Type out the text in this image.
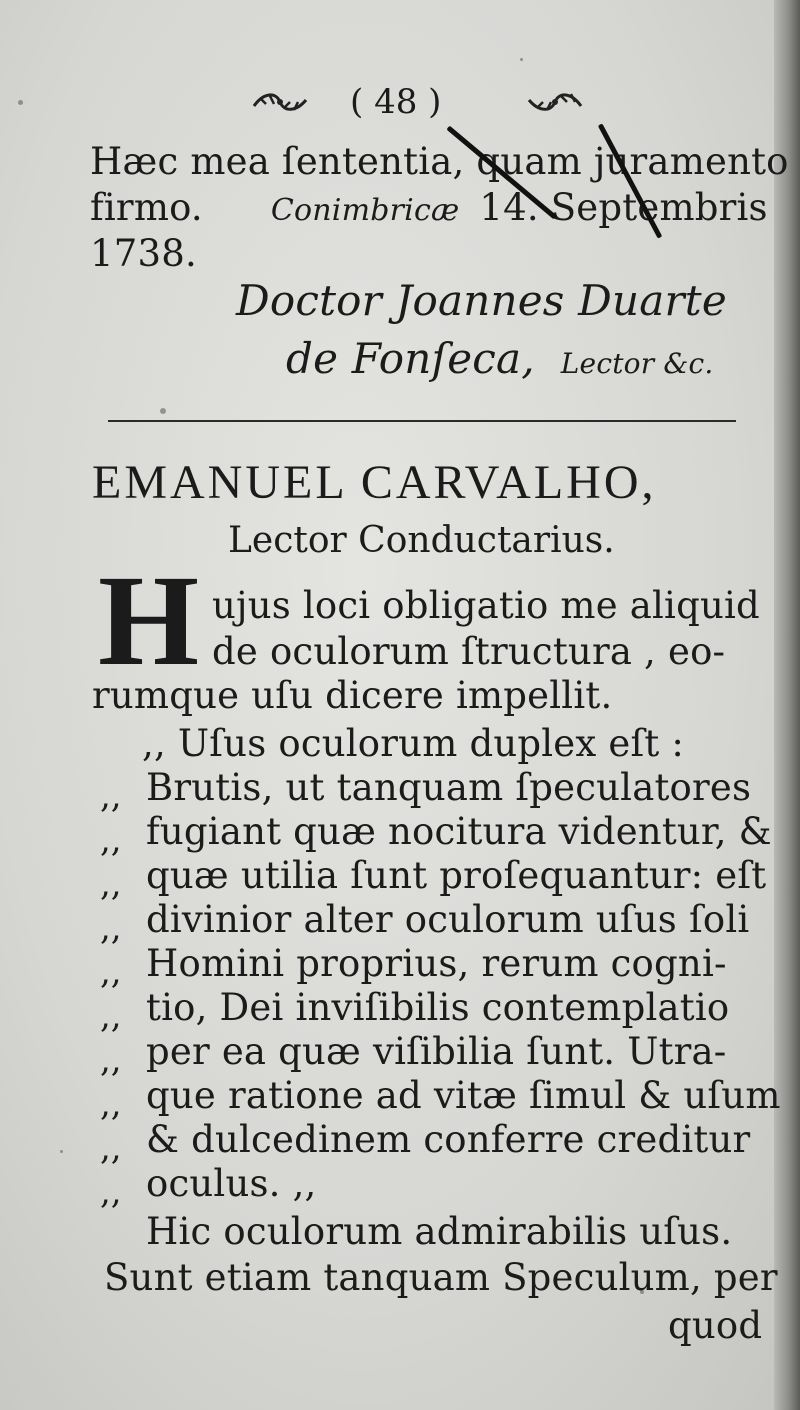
( 48 )
Hæc mea ſententia, quam juramento
firmo. Conimbricæ 14. Septembris
1738.
Doctor Joannes Duarte
de Fonſeca, Lector &c.
EMANUEL CARVALHO,
Lector Conductarius.
H ujus loci obligatio me aliquid
de oculorum ſtructura , eo-
rumque uſu dicere impellit.
,, Uſus oculorum duplex eſt :
,, Brutis, ut tanquam ſpeculatores
,, fugiant quæ nocitura videntur, &
,, quæ utilia ſunt proſequantur: eſt
,, divinior alter oculorum uſus ſoli
,, Homini proprius, rerum cogni-
,, tio, Dei inviſibilis contemplatio
,, per ea quæ viſibilia ſunt. Utra-
,, que ratione ad vitæ ſimul & uſum
,, & dulcedinem conferre creditur
,, oculus. ,,
Hic oculorum admirabilis uſus.
Sunt etiam tanquam Speculum, per
quod
